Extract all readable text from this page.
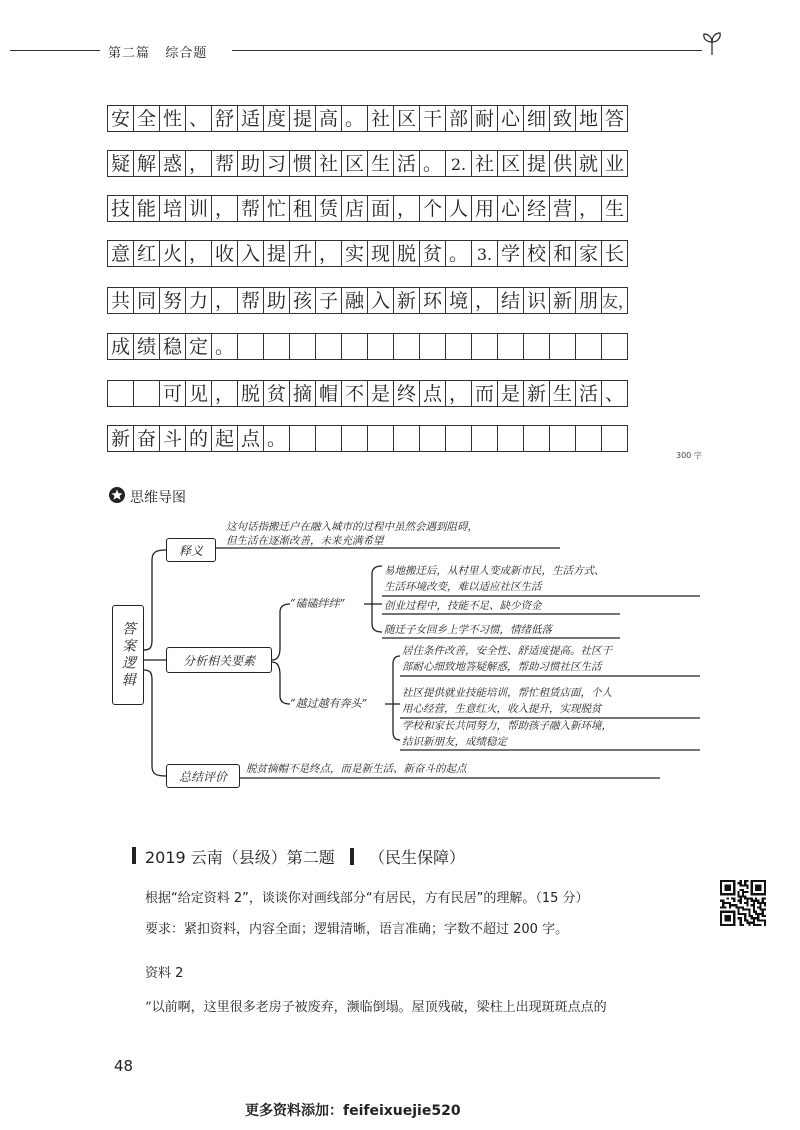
第二篇 综合题
安 全 性 、 舒 适 度 提 高 。 社 区 干 部 耐 心 细 致 地 答
疑 解 惑 ， 帮 助 习 惯 社 区 生 活 。 2. 社 区 提 供 就 业
技 能 培 训 ， 帮 忙 租 赁 店 面 ， 个 人 用 心 经 营 ， 生
意 红 火 ， 收 入 提 升 ， 实 现 脱 贫 。 3. 学 校 和 家 长
共 同 努 力 ， 帮 助 孩 子 融 入 新 环 境 ， 结 识 新 朋 友，
成 绩 稳 定 。
可 见 ， 脱 贫 摘 帽 不 是 终 点 ， 而 是 新 生 活 、
新 奋 斗 的 起 点 。
300 字
思维导图
答案逻辑
释义
分析相关要素
总结评价
这句话指搬迁户在融入城市的过程中虽然会遇到阻碍，
但生活在逐渐改善，未来充满希望
“磕磕绊绊”
易地搬迁后，从村里人变成新市民，生活方式、
生活环境改变，难以适应社区生活
创业过程中，技能不足、缺少资金
随迁子女回乡上学不习惯，情绪低落
“越过越有奔头”
居住条件改善，安全性、舒适度提高。社区干
部耐心细致地答疑解惑，帮助习惯社区生活
社区提供就业技能培训，帮忙租赁店面，个人
用心经营，生意红火，收入提升，实现脱贫
学校和家长共同努力，帮助孩子融入新环境，
结识新朋友，成绩稳定
脱贫摘帽不是终点，而是新生活、新奋斗的起点
2019 云南（县级）第二题 （民生保障）
根据“给定资料 2”，谈谈你对画线部分“有居民，方有民居”的理解。（15 分）
要求：紧扣资料，内容全面；逻辑清晰，语言准确；字数不超过 200 字。
资料 2
“以前啊，这里很多老房子被废弃，濒临倒塌。屋顶残破，梁柱上出现斑斑点点的
48
更多资料添加：feifeixuejie520
